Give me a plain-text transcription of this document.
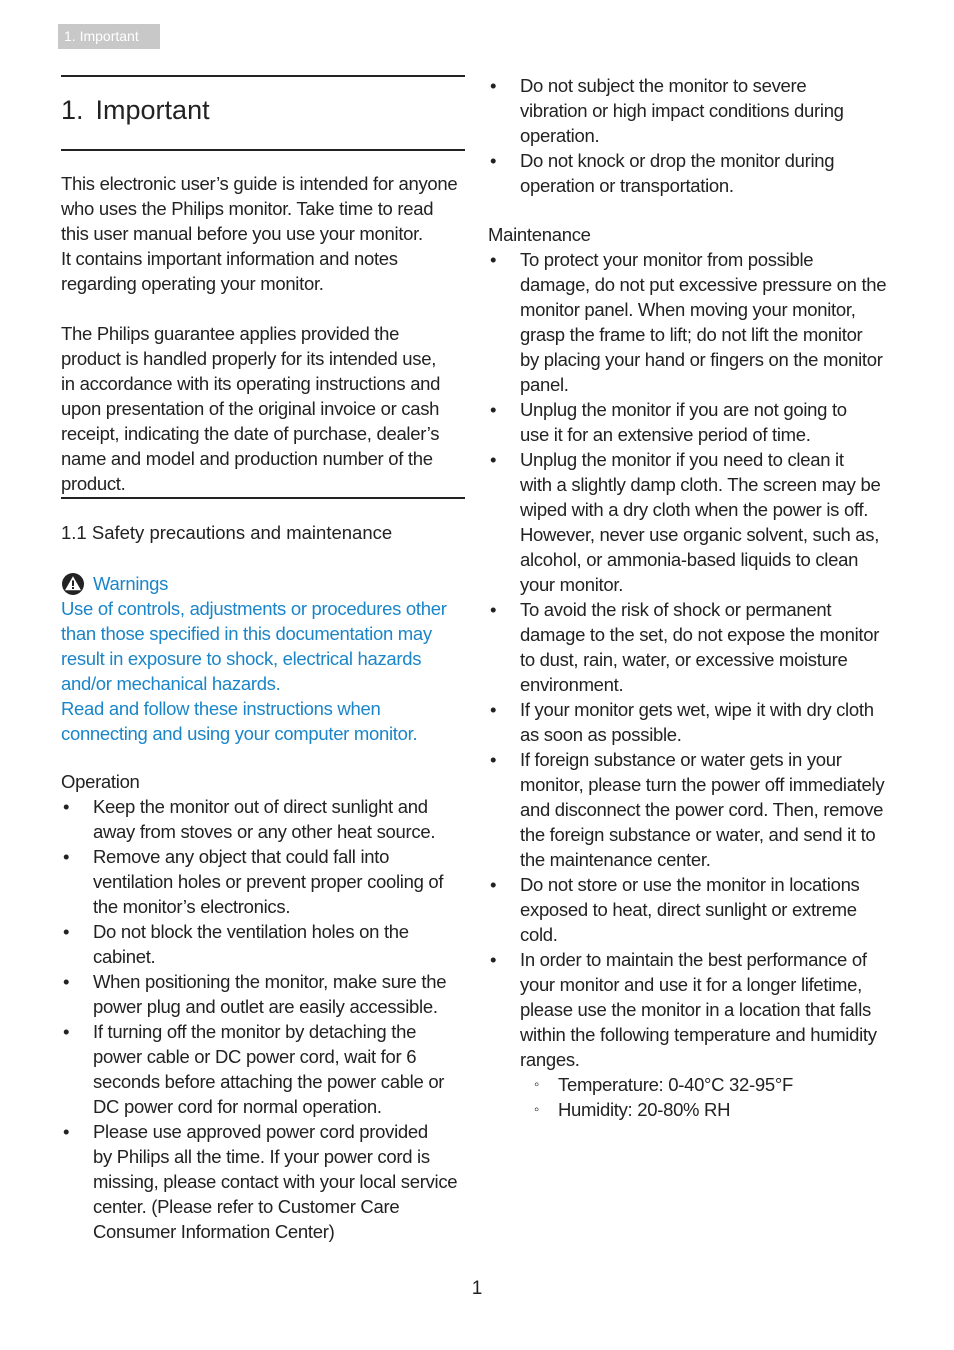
1. Important
1. Important

This electronic user’s guide is intended for anyone
who uses the Philips monitor. Take time to read
this user manual before you use your monitor.
It contains important information and notes
regarding operating your monitor.

The Philips guarantee applies provided the
product is handled properly for its intended use,
in accordance with its operating instructions and
upon presentation of the original invoice or cash
receipt, indicating the date of purchase, dealer’s
name and model and production number of the
product.

1.1 Safety precautions and maintenance
Warnings

Use of controls, adjustments or procedures other
than those specified in this documentation may
result in exposure to shock, electrical hazards
and/or mechanical hazards.
Read and follow these instructions when
connecting and using your computer monitor.

Operation
• Keep the monitor out of direct sunlight and
away from stoves or any other heat source.
• Remove any object that could fall into
ventilation holes or prevent proper cooling of
the monitor’s electronics.
• Do not block the ventilation holes on the
cabinet.
• When positioning the monitor, make sure the
power plug and outlet are easily accessible.
• If turning off the monitor by detaching the
power cable or DC power cord, wait for 6
seconds before attaching the power cable or
DC power cord for normal operation.
• Please use approved power cord provided
by Philips all the time. If your power cord is
missing, please contact with your local service
center. (Please refer to Customer Care
Consumer Information Center)
• Do not subject the monitor to severe
vibration or high impact conditions during
operation.
• Do not knock or drop the monitor during
operation or transportation.
Maintenance
• To protect your monitor from possible
damage, do not put excessive pressure on the
monitor panel. When moving your monitor,
grasp the frame to lift; do not lift the monitor
by placing your hand or fingers on the monitor
panel.
• Unplug the monitor if you are not going to
use it for an extensive period of time.
• Unplug the monitor if you need to clean it
with a slightly damp cloth. The screen may be
wiped with a dry cloth when the power is off.
However, never use organic solvent, such as,
alcohol, or ammonia-based liquids to clean
your monitor.
• To avoid the risk of shock or permanent
damage to the set, do not expose the monitor
to dust, rain, water, or excessive moisture
environment.
• If your monitor gets wet, wipe it with dry cloth
as soon as possible.
• If foreign substance or water gets in your
monitor, please turn the power off immediately
and disconnect the power cord. Then, remove
the foreign substance or water, and send it to
the maintenance center.
• Do not store or use the monitor in locations
exposed to heat, direct sunlight or extreme
cold.
• In order to maintain the best performance of
your monitor and use it for a longer lifetime,
please use the monitor in a location that falls
within the following temperature and humidity
ranges.
◦ Temperature: 0-40°C 32-95°F
◦ Humidity: 20-80% RH
1
